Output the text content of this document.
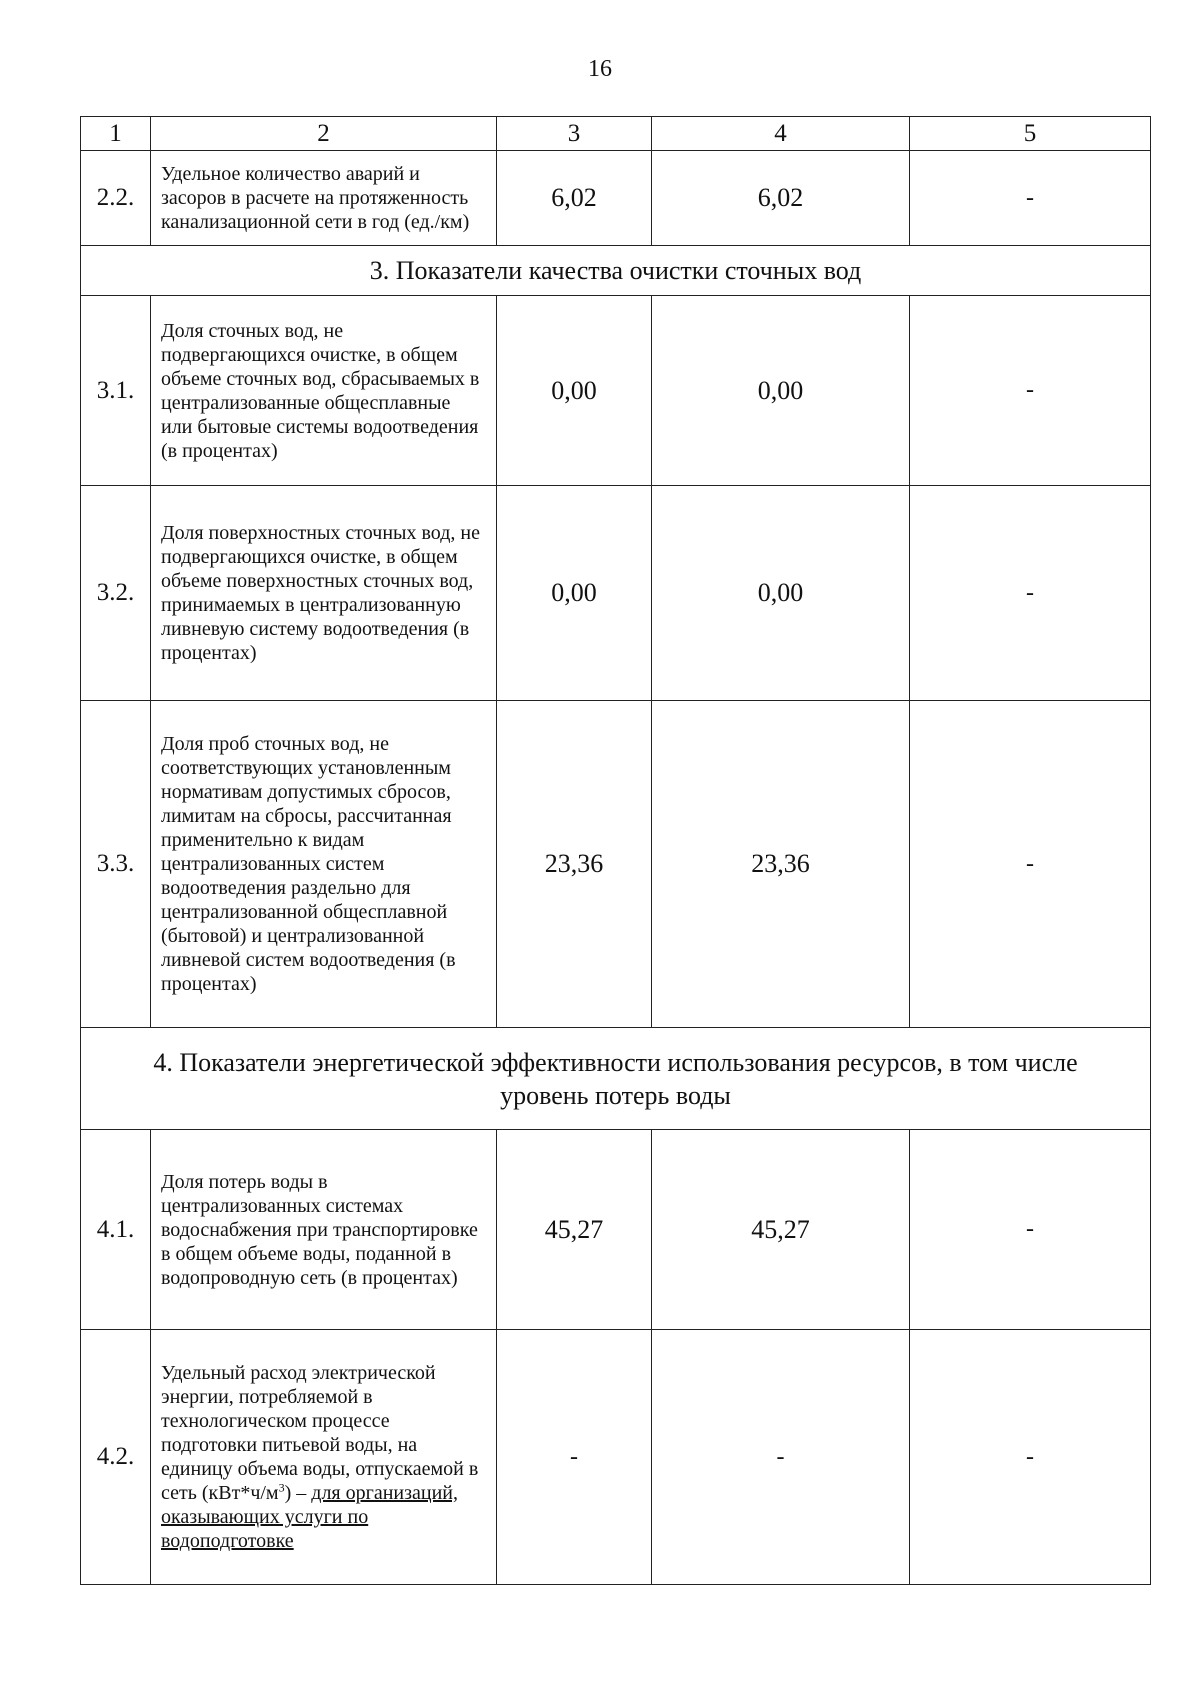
16
1	2	3	4	5
2.2.	Удельное количество аварий и засоров в расчете на протяженность канализационной сети в год (ед./км)	6,02	6,02	-
3. Показатели качества очистки сточных вод				
3.1.	Доля сточных вод, не подвергающихся очистке, в общем объеме сточных вод, сбрасываемых в централизованные общесплавные или бытовые системы водоотведения (в процентах)	0,00	0,00	-
3.2.	Доля поверхностных сточных вод, не подвергающихся очистке, в общем объеме поверхностных сточных вод, принимаемых в централизованную ливневую систему водоотведения (в процентах)	0,00	0,00	-
3.3.	Доля проб сточных вод, не соответствующих установленным нормативам допустимых сбросов, лимитам на сбросы, рассчитанная применительно к видам централизованных систем водоотведения раздельно для централизованной общесплавной (бытовой) и централизованной ливневой систем водоотведения (в процентах)	23,36	23,36	-
4. Показатели энергетической эффективности использования ресурсов, в том числе уровень потерь воды				
4.1.	Доля потерь воды в централизованных системах водоснабжения при транспортировке в общем объеме воды, поданной в водопроводную сеть (в процентах)	45,27	45,27	-
4.2.	Удельный расход электрической энергии, потребляемой в технологическом процессе подготовки питьевой воды, на единицу объема воды, отпускаемой в сеть $(кВт*ч/м^3)$ – для организаций, оказывающих услуги по водоподготовке	-	-	-
